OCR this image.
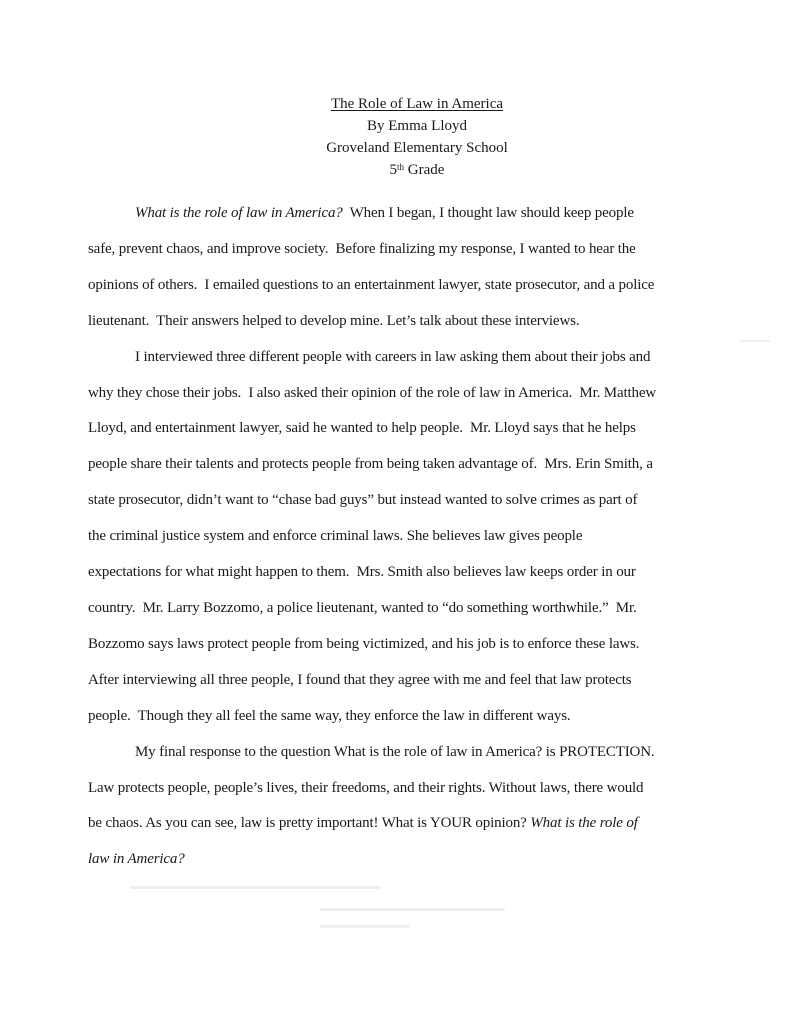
The Role of Law in America
By Emma Lloyd
Groveland Elementary School
5th Grade
What is the role of law in America?  When I began, I thought law should keep people
safe, prevent chaos, and improve society.  Before finalizing my response, I wanted to hear the
opinions of others.  I emailed questions to an entertainment lawyer, state prosecutor, and a police
lieutenant.  Their answers helped to develop mine. Let’s talk about these interviews.
I interviewed three different people with careers in law asking them about their jobs and
why they chose their jobs.  I also asked their opinion of the role of law in America.  Mr. Matthew
Lloyd, and entertainment lawyer, said he wanted to help people.  Mr. Lloyd says that he helps
people share their talents and protects people from being taken advantage of.  Mrs. Erin Smith, a
state prosecutor, didn’t want to “chase bad guys” but instead wanted to solve crimes as part of
the criminal justice system and enforce criminal laws. She believes law gives people
expectations for what might happen to them.  Mrs. Smith also believes law keeps order in our
country.  Mr. Larry Bozzomo, a police lieutenant, wanted to “do something worthwhile.”  Mr.
Bozzomo says laws protect people from being victimized, and his job is to enforce these laws.
After interviewing all three people, I found that they agree with me and feel that law protects
people.  Though they all feel the same way, they enforce the law in different ways.
My final response to the question What is the role of law in America? is PROTECTION.
Law protects people, people’s lives, their freedoms, and their rights. Without laws, there would
be chaos. As you can see, law is pretty important! What is YOUR opinion? What is the role of
law in America?
